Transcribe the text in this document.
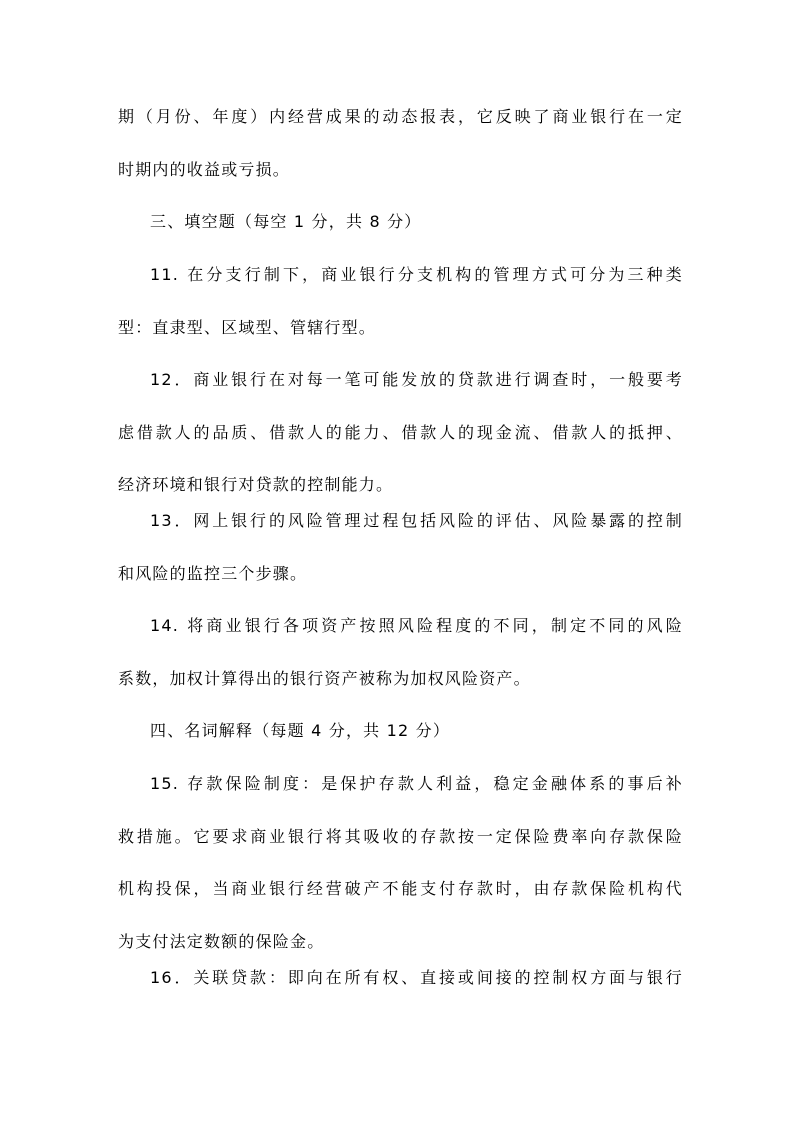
期（月份、年度）内经营成果的动态报表，它反映了商业银行在一定
时期内的收益或亏损。
三、填空题（每空 1 分，共 8 分）
11. 在分支行制下，商业银行分支机构的管理方式可分为三种类
型：直隶型、区域型、管辖行型。
12．商业银行在对每一笔可能发放的贷款进行调查时，一般要考
虑借款人的品质、借款人的能力、借款人的现金流、借款人的抵押、
经济环境和银行对贷款的控制能力。
13．网上银行的风险管理过程包括风险的评估、风险暴露的控制
和风险的监控三个步骤。
14. 将商业银行各项资产按照风险程度的不同，制定不同的风险
系数，加权计算得出的银行资产被称为加权风险资产。
四、名词解释（每题 4 分，共 12 分）
15. 存款保险制度：是保护存款人利益，稳定金融体系的事后补
救措施。它要求商业银行将其吸收的存款按一定保险费率向存款保险
机构投保，当商业银行经营破产不能支付存款时，由存款保险机构代
为支付法定数额的保险金。
16．关联贷款：即向在所有权、直接或间接的控制权方面与银行
